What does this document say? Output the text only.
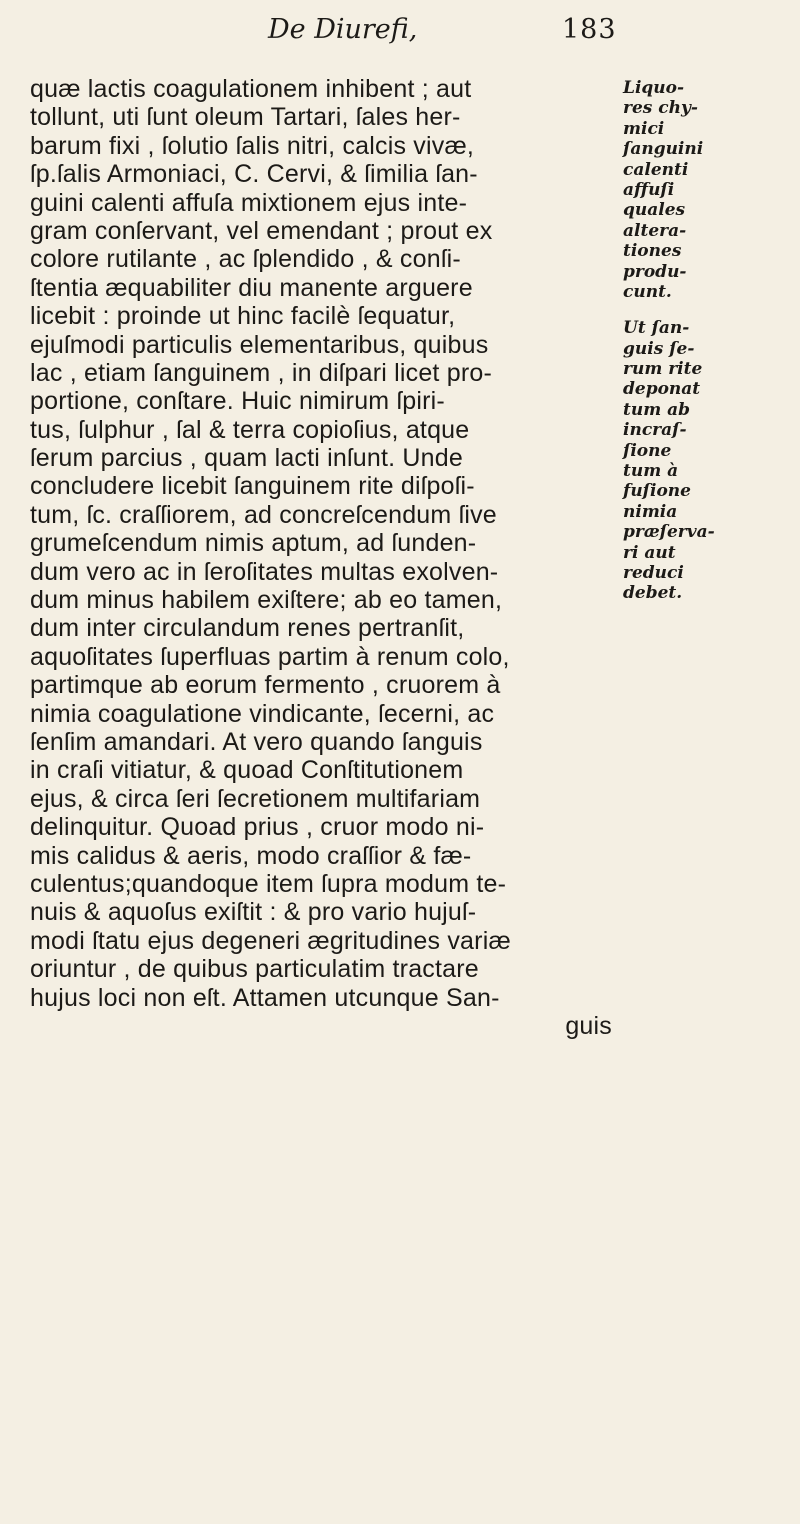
De Diurefi,	183
quæ lactis coagulationem inhibent ; aut
tollunt, uti ſunt oleum Tartari, ſales her-
barum fixi , ſolutio ſalis nitri, calcis vivæ,
ſp.ſalis Armoniaci, C. Cervi, & ſimilia ſan-
guini calenti affuſa mixtionem ejus inte-
gram conſervant, vel emendant ; prout ex
colore rutilante , ac ſplendido , & conſi-
ſtentia æquabiliter diu manente arguere
licebit : proinde ut hinc facilè ſequatur,
ejuſmodi particulis elementaribus, quibus
lac , etiam ſanguinem , in diſpari licet pro-
portione, conſtare. Huic nimirum ſpiri-
tus, ſulphur , ſal & terra copioſius, atque
ſerum parcius , quam lacti inſunt. Unde
concludere licebit ſanguinem rite diſpoſi-
tum, ſc. craſſiorem, ad concreſcendum ſive
grumeſcendum nimis aptum, ad ſunden-
dum vero ac in ſeroſitates multas exolven-
dum minus habilem exiſtere; ab eo tamen,
dum inter circulandum renes pertranſit,
aquoſitates ſuperfluas partim à renum colo,
partimque ab eorum fermento , cruorem à
nimia coagulatione vindicante, ſecerni, ac
ſenſim amandari. At vero quando ſanguis
in craſi vitiatur, & quoad Conſtitutionem
ejus, & circa ſeri ſecretionem multifariam
delinquitur. Quoad prius , cruor modo ni-
mis calidus & aeris, modo craſſior & fæ-
culentus;quandoque item ſupra modum te-
nuis & aquoſus exiſtit : & pro vario hujuſ-
modi ſtatu ejus degeneri ægritudines variæ
oriuntur , de quibus particulatim tractare
hujus loci non eſt. Attamen utcunque San-
guis
Liquo-
res chy-
mici
ſanguini
calenti
affuſi
quales
altera-
tiones
produ-
cunt.
Ut ſan-
guis ſe-
rum rite
deponat
tum ab
incraſ-
ſione
tum à
fuſione
nimia
præſerva-
ri aut
reduci
debet.
